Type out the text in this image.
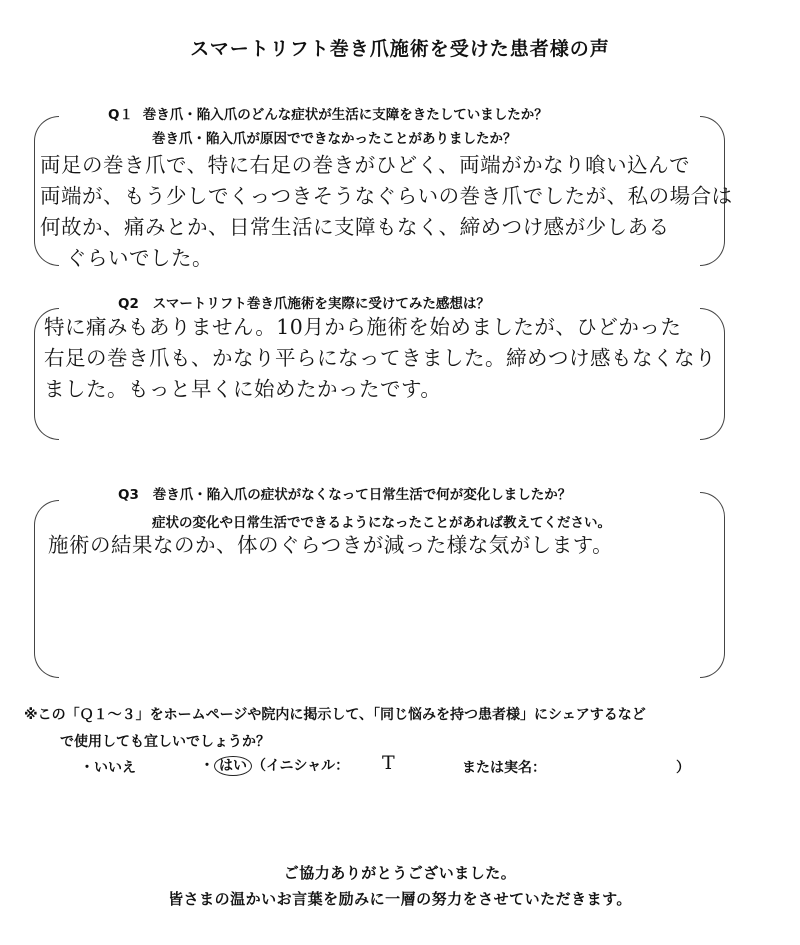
スマートリフト巻き爪施術を受けた患者様の声
Q１ 巻き爪・陥入爪のどんな症状が生活に支障をきたしていましたか？
巻き爪・陥入爪が原因でできなかったことがありましたか？
両足の巻き爪で、特に右足の巻きがひどく、両端がかなり喰い込んで
両端が、もう少しでくっつきそうなぐらいの巻き爪でしたが、私の場合は
何故か、痛みとか、日常生活に支障もなく、締めつけ感が少しある
ぐらいでした。
Q2 スマートリフト巻き爪施術を実際に受けてみた感想は？
特に痛みもありません。10月から施術を始めましたが、ひどかった
右足の巻き爪も、かなり平らになってきました。締めつけ感もなくなり
ました。もっと早くに始めたかったです。
Q3 巻き爪・陥入爪の症状がなくなって日常生活で何が変化しましたか？
症状の変化や日常生活でできるようになったことがあれば教えてください。
施術の結果なのか、体のぐらつきが減った様な気がします。
※この「Ｑ１～３」をホームページや院内に掲示して、「同じ悩みを持つ患者様」にシェアするなど
で使用しても宜しいでしょうか？
・いいえ	・ はい （イニシャル： T	または実名：	）
ご協力ありがとうございました。
皆さまの温かいお言葉を励みに一層の努力をさせていただきます。
